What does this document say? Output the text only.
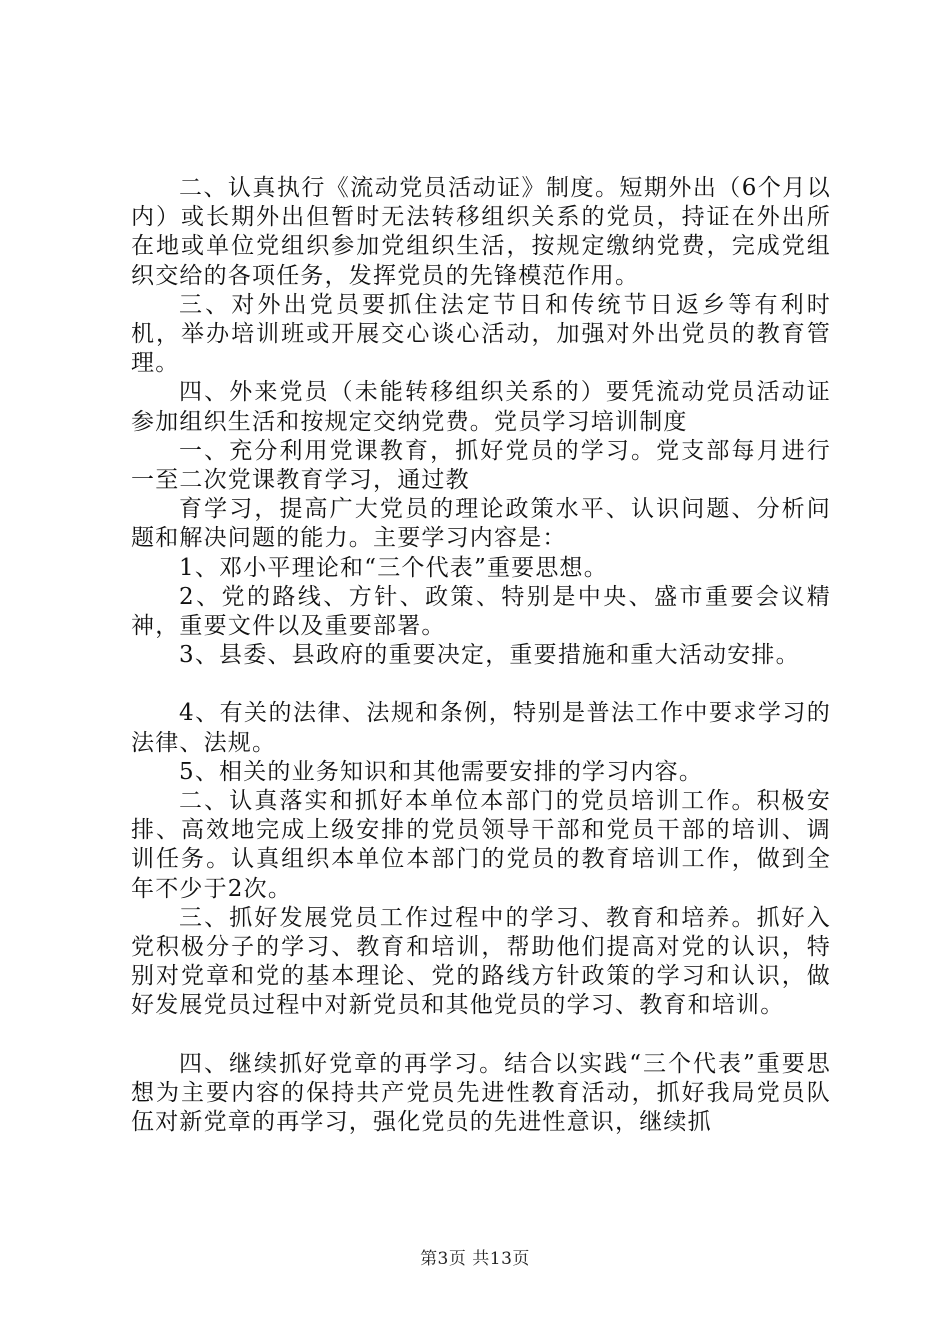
二、认真执行《流动党员活动证》制度。短期外出（6个月以内）或长期外出但暂时无法转移组织关系的党员，持证在外出所在地或单位党组织参加党组织生活，按规定缴纳党费，完成党组织交给的各项任务，发挥党员的先锋模范作用。

三、对外出党员要抓住法定节日和传统节日返乡等有利时机，举办培训班或开展交心谈心活动，加强对外出党员的教育管理。

四、外来党员（未能转移组织关系的）要凭流动党员活动证参加组织生活和按规定交纳党费。党员学习培训制度

一、充分利用党课教育，抓好党员的学习。党支部每月进行一至二次党课教育学习，通过教

育学习，提高广大党员的理论政策水平、认识问题、分析问题和解决问题的能力。主要学习内容是：

1、邓小平理论和“三个代表”重要思想。

2、党的路线、方针、政策、特别是中央、盛市重要会议精神，重要文件以及重要部署。

3、县委、县政府的重要决定，重要措施和重大活动安排。

4、有关的法律、法规和条例，特别是普法工作中要求学习的法律、法规。

5、相关的业务知识和其他需要安排的学习内容。

二、认真落实和抓好本单位本部门的党员培训工作。积极安排、高效地完成上级安排的党员领导干部和党员干部的培训、调训任务。认真组织本单位本部门的党员的教育培训工作，做到全年不少于2次。

三、抓好发展党员工作过程中的学习、教育和培养。抓好入党积极分子的学习、教育和培训，帮助他们提高对党的认识，特别对党章和党的基本理论、党的路线方针政策的学习和认识，做好发展党员过程中对新党员和其他党员的学习、教育和培训。

四、继续抓好党章的再学习。结合以实践“三个代表”重要思想为主要内容的保持共产党员先进性教育活动，抓好我局党员队伍对新党章的再学习，强化党员的先进性意识，继续抓

第3页 共13页
